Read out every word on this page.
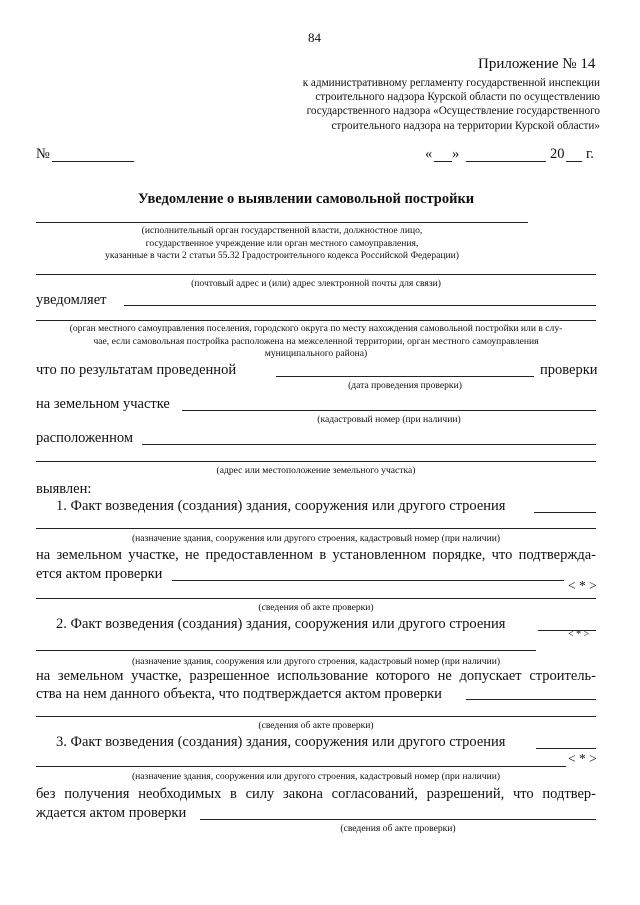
84
Приложение № 14
к административному регламенту государственной инспекции
строительного надзора Курской области по осуществлению
государственного надзора «Осуществление государственного
строительного надзора на территории Курской области»
№	« »	20 г.
Уведомление о выявлении самовольной постройки
(исполнительный орган государственной власти, должностное лицо,
государственное учреждение или орган местного самоуправления,
указанные в части 2 статьи 55.32 Градостроительного кодекса Российской Федерации)
(почтовый адрес и (или) адрес электронной почты для связи)
уведомляет
(орган местного самоуправления поселения, городского округа по месту нахождения самовольной постройки или в слу-
чае, если самовольная постройка расположена на межселенной территории, орган местного самоуправления
муниципального района)
что по результатам проведенной	проверки
(дата проведения проверки)
на земельном участке
(кадастровый номер (при наличии)
расположенном
(адрес или местоположение земельного участка)
выявлен:
1. Факт возведения (создания) здания, сооружения или другого строения
(назначение здания, сооружения или другого строения, кадастровый номер (при наличии)
на земельном участке, не предоставленном в установленном порядке, что подтвержда-
ется актом проверки
< * >
(сведения об акте проверки)
2. Факт возведения (создания) здания, сооружения или другого строения
< * >
(назначение здания, сооружения или другого строения, кадастровый номер (при наличии)
на земельном участке, разрешенное использование которого не допускает строитель-
ства на нем данного объекта, что подтверждается актом проверки
(сведения об акте проверки)
3. Факт возведения (создания) здания, сооружения или другого строения
< * >
(назначение здания, сооружения или другого строения, кадастровый номер (при наличии)
без получения необходимых в силу закона согласований, разрешений, что подтвер-
ждается актом проверки
(сведения об акте проверки)
